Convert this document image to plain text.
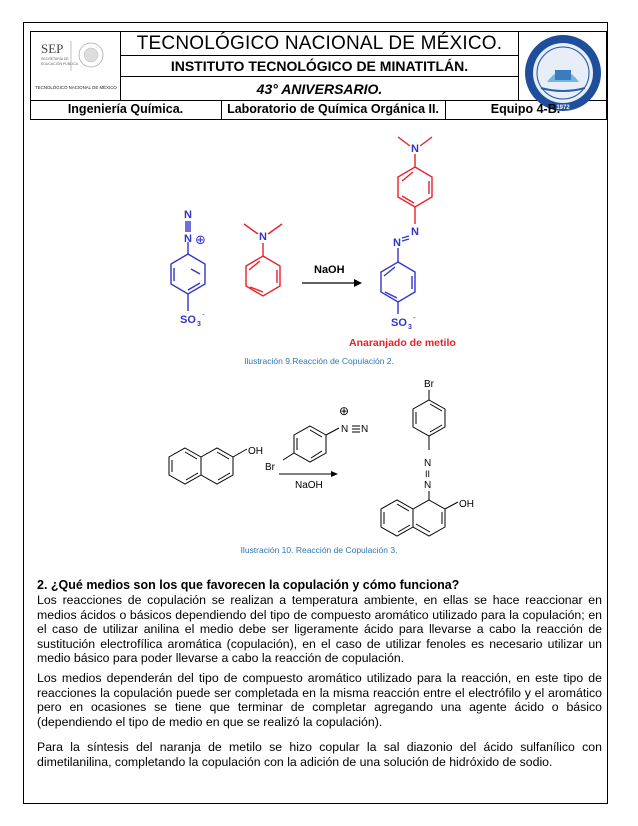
SEP
SECRETARÍA DE
EDUCACIÓN PÚBLICA
TECNOLÓGICO NACIONAL DE MÉXICO
TECNOLÓGICO NACIONAL DE MÉXICO.
INSTITUTO TECNOLÓGICO DE MINATITLÁN.
43° ANIVERSARIO.
1972
Ingeniería Química.	Laboratorio de Química Orgánica II.	Equipo 4-B.
N
N ⊕
SO 3
-
N
NaOH
N
N
N
SO 3
-
Anaranjado de metilo
Ilustración 9.Reacción de Copulación 2.
OH
⊕
N N
Br
NaOH
Br
N
II
N
OH
Ilustración 10. Reacción de Copulación 3.
2. ¿Qué medios son los que favorecen la copulación y cómo funciona?
Los reacciones de copulación se realizan a temperatura ambiente, en ellas se hace reaccionar en medios ácidos o básicos dependiendo del tipo de compuesto aromático utilizado para la copulación; en el caso de utilizar anilina el medio debe ser ligeramente ácido para llevarse a cabo la reacción de sustitución electrofílica aromática (copulación), en el caso de utilizar fenoles es necesario utilizar un medio básico para poder llevarse a cabo la reacción de copulación.
Los medios dependerán del tipo de compuesto aromático utilizado para la reacción, en este tipo de reacciones la copulación puede ser completada en la misma reacción entre el electrófilo y el aromático pero en ocasiones se tiene que terminar de completar agregando una agente ácido o básico (dependiendo el tipo de medio en que se realizó la copulación).
Para la síntesis del naranja de metilo se hizo copular la sal diazonio del ácido sulfanílico con dimetilanilina, completando la copulación con la adición de una solución de hidróxido de sodio.
